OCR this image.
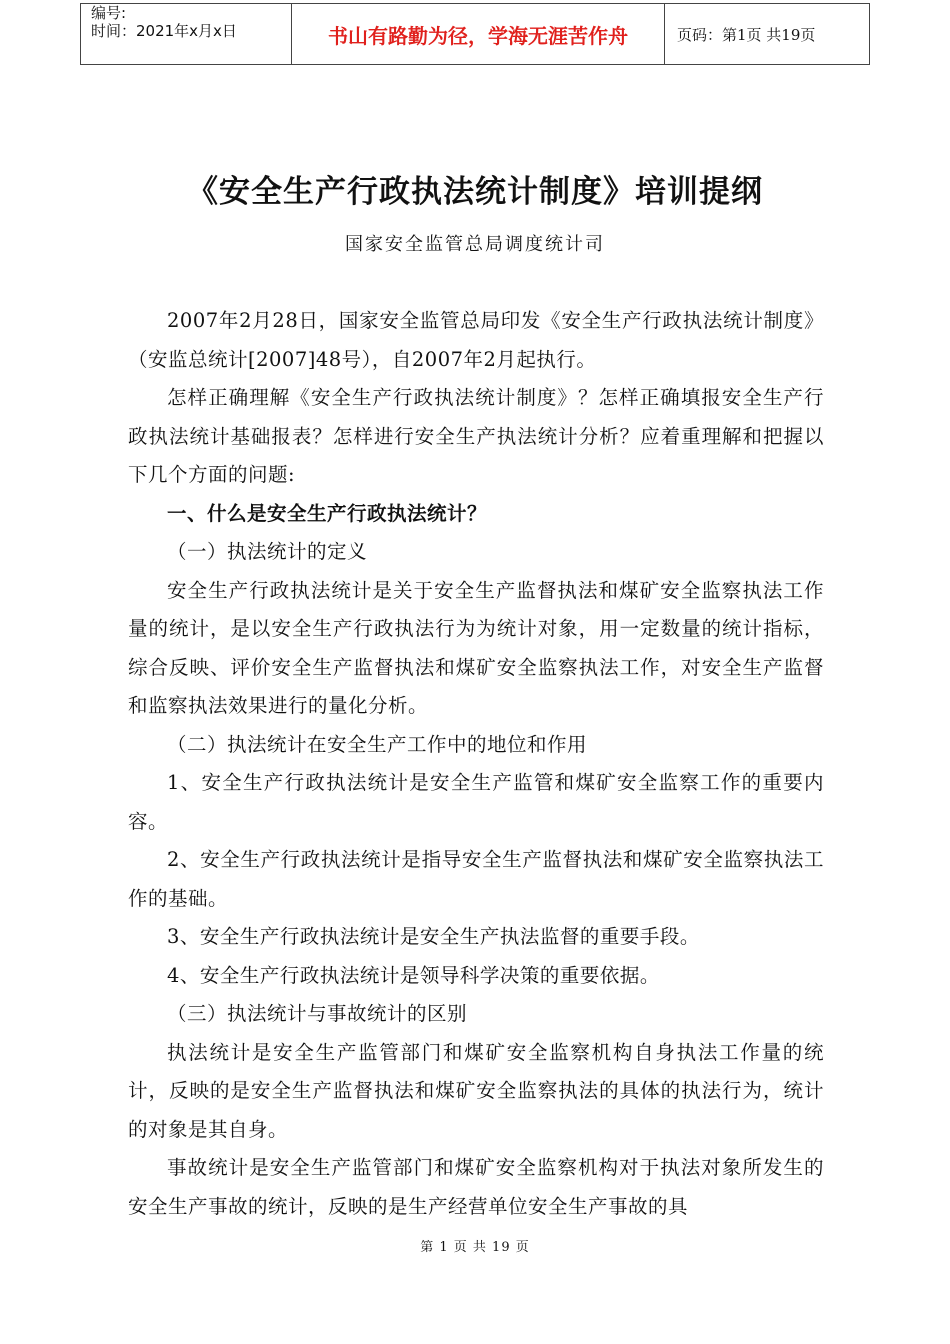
编号:
时间：2021年x月x日	书山有路勤为径，学海无涯苦作舟	页码：第1页 共19页
《安全生产行政执法统计制度》培训提纲
国家安全监管总局调度统计司

2007年2月28日，国家安全监管总局印发《安全生产行政执法统计制度》（安监总统计[2007]48号），自2007年2月起执行。

怎样正确理解《安全生产行政执法统计制度》？怎样正确填报安全生产行政执法统计基础报表？怎样进行安全生产执法统计分析？应着重理解和把握以下几个方面的问题:

一、什么是安全生产行政执法统计？

（一）执法统计的定义

安全生产行政执法统计是关于安全生产监督执法和煤矿安全监察执法工作量的统计，是以安全生产行政执法行为为统计对象，用一定数量的统计指标，综合反映、评价安全生产监督执法和煤矿安全监察执法工作，对安全生产监督和监察执法效果进行的量化分析。

（二）执法统计在安全生产工作中的地位和作用

1、安全生产行政执法统计是安全生产监管和煤矿安全监察工作的重要内容。

2、安全生产行政执法统计是指导安全生产监督执法和煤矿安全监察执法工作的基础。

3、安全生产行政执法统计是安全生产执法监督的重要手段。

4、安全生产行政执法统计是领导科学决策的重要依据。

（三）执法统计与事故统计的区别

执法统计是安全生产监管部门和煤矿安全监察机构自身执法工作量的统计，反映的是安全生产监督执法和煤矿安全监察执法的具体的执法行为，统计的对象是其自身。

事故统计是安全生产监管部门和煤矿安全监察机构对于执法对象所发生的安全生产事故的统计，反映的是生产经营单位安全生产事故的具

第 1 页 共 19 页
